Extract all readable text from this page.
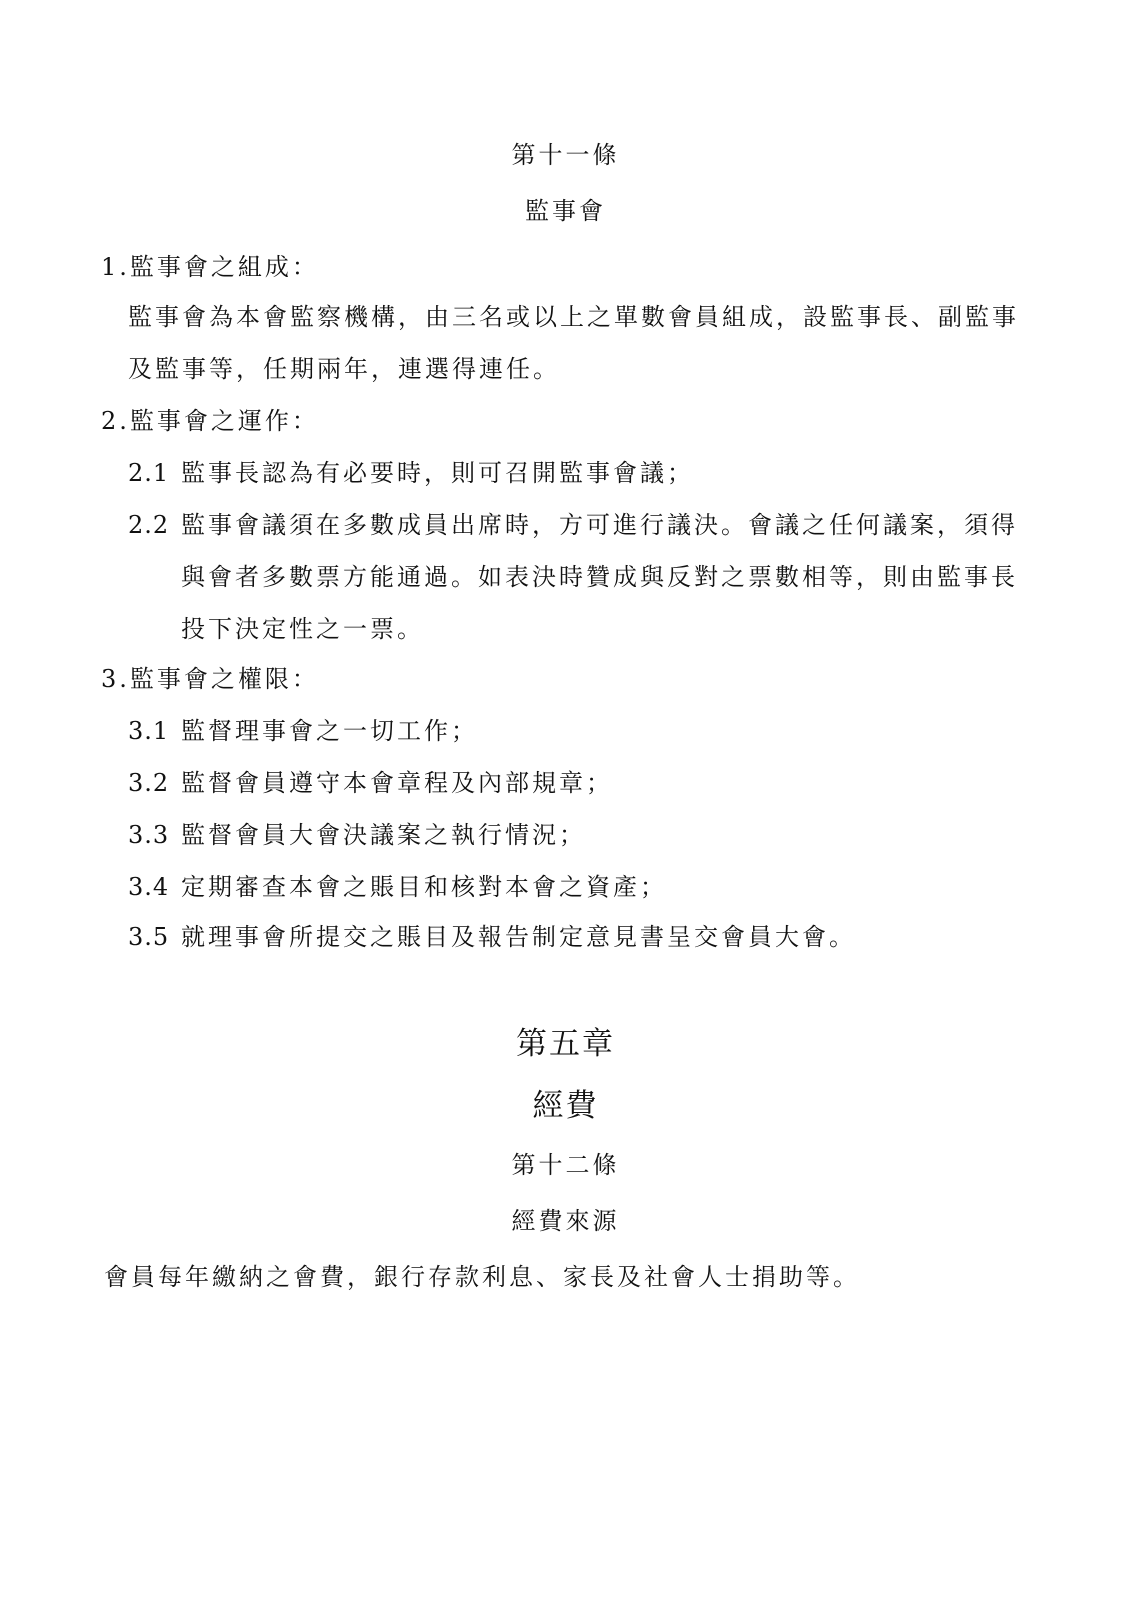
第十一條
監事會
1.監事會之組成：
監事會為本會監察機構，由三名或以上之單數會員組成，設監事長、副監事
及監事等，任期兩年，連選得連任。
2.監事會之運作：
2.1 監事長認為有必要時，則可召開監事會議；
2.2 監事會議須在多數成員出席時，方可進行議決。會議之任何議案，須得
與會者多數票方能通過。如表決時贊成與反對之票數相等，則由監事長
投下決定性之一票。
3.監事會之權限：
3.1 監督理事會之一切工作；
3.2 監督會員遵守本會章程及內部規章；
3.3 監督會員大會決議案之執行情況；
3.4 定期審查本會之賬目和核對本會之資產；
3.5 就理事會所提交之賬目及報告制定意見書呈交會員大會。
第五章
經費
第十二條
經費來源
會員每年繳納之會費，銀行存款利息、家長及社會人士捐助等。
